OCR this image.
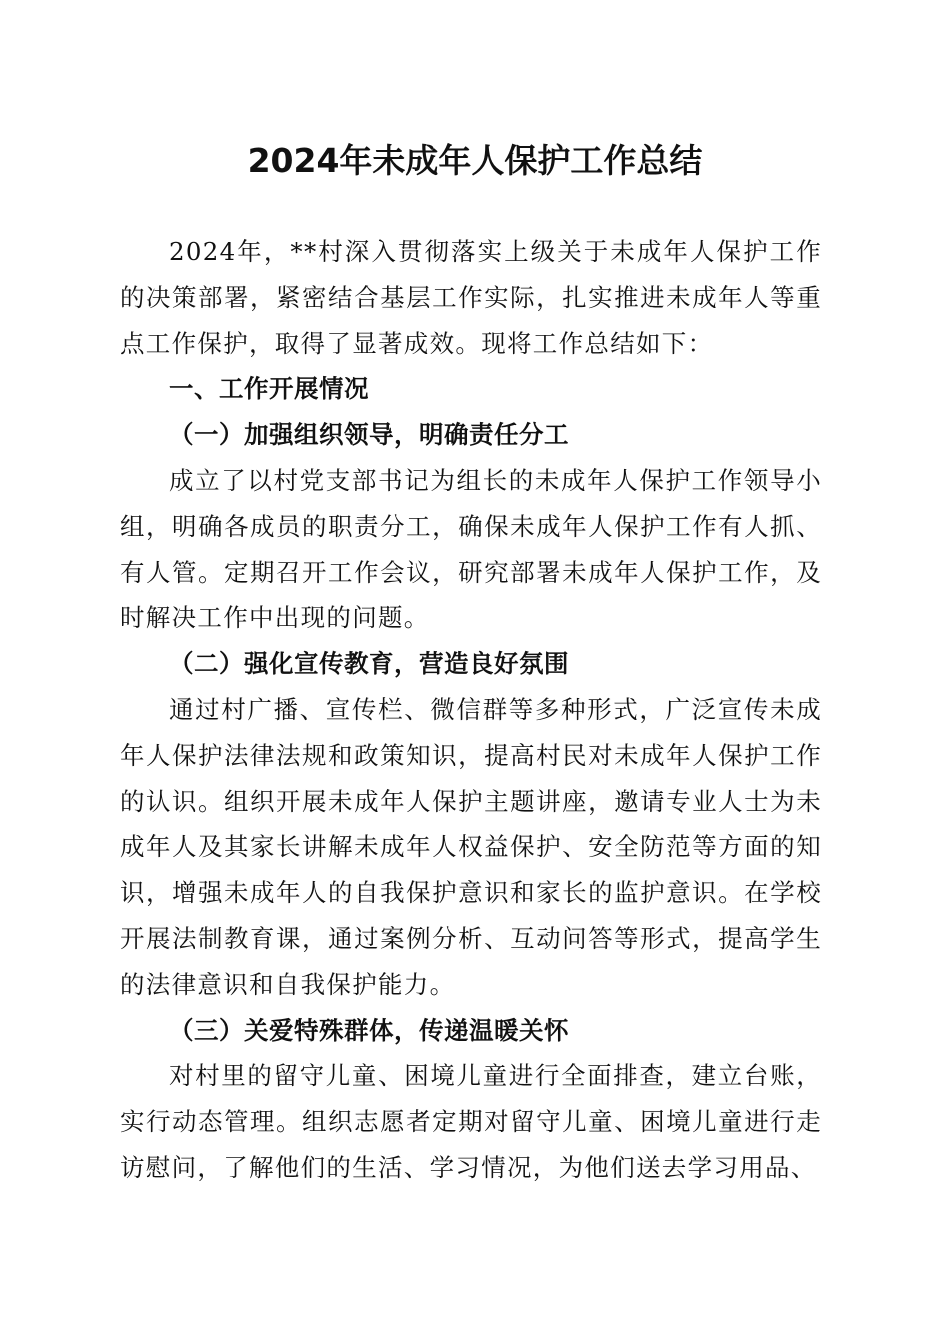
2024年未成年人保护工作总结

2024年，**村深入贯彻落实上级关于未成年人保护工作的决策部署，紧密结合基层工作实际，扎实推进未成年人等重点工作保护，取得了显著成效。现将工作总结如下：

一、工作开展情况

（一）加强组织领导，明确责任分工

成立了以村党支部书记为组长的未成年人保护工作领导小组，明确各成员的职责分工，确保未成年人保护工作有人抓、有人管。定期召开工作会议，研究部署未成年人保护工作，及时解决工作中出现的问题。

（二）强化宣传教育，营造良好氛围

通过村广播、宣传栏、微信群等多种形式，广泛宣传未成年人保护法律法规和政策知识，提高村民对未成年人保护工作的认识。组织开展未成年人保护主题讲座，邀请专业人士为未成年人及其家长讲解未成年人权益保护、安全防范等方面的知识，增强未成年人的自我保护意识和家长的监护意识。在学校开展法制教育课，通过案例分析、互动问答等形式，提高学生的法律意识和自我保护能力。

（三）关爱特殊群体，传递温暖关怀

对村里的留守儿童、困境儿童进行全面排查，建立台账，实行动态管理。组织志愿者定期对留守儿童、困境儿童进行走访慰问，了解他们的生活、学习情况，为他们送去学习用品、
